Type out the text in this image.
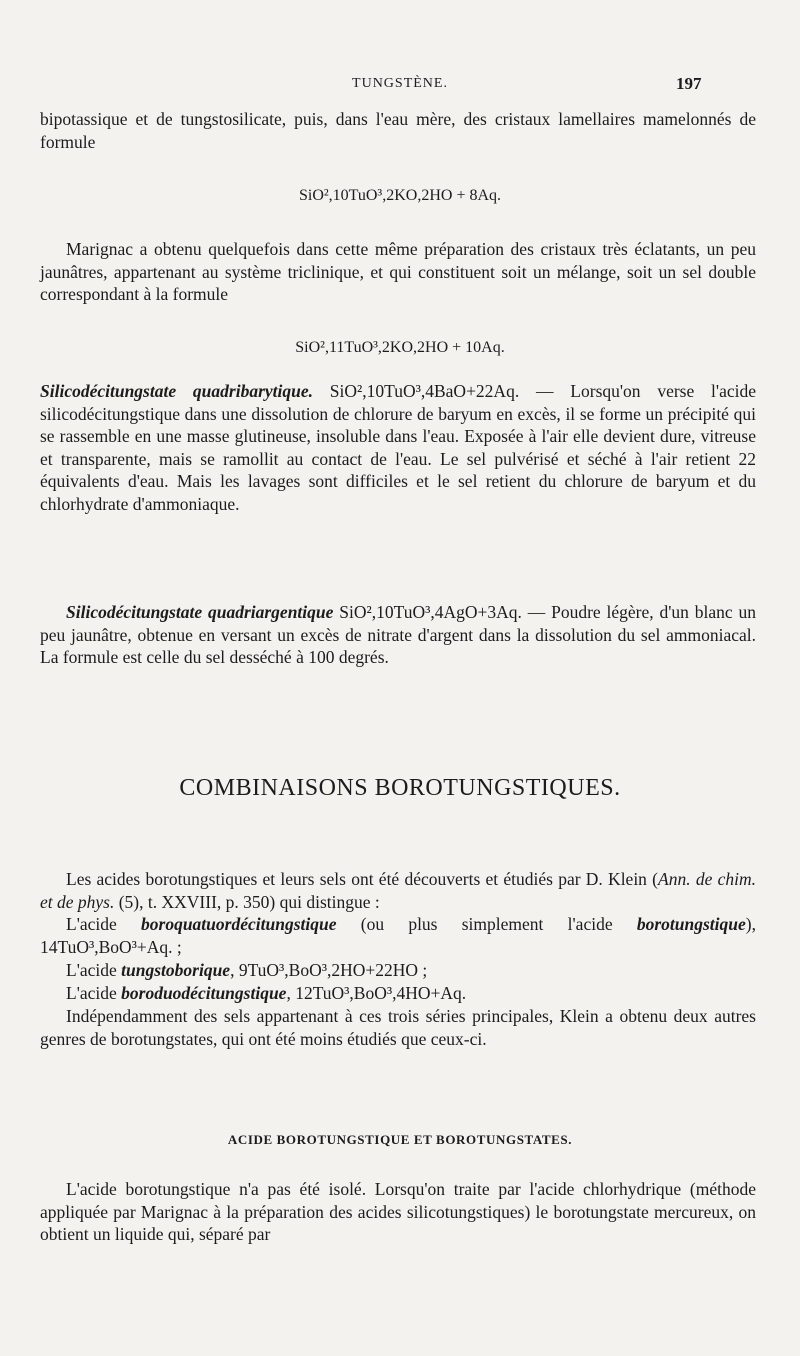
TUNGSTÈNE.	197
bipotassique et de tungstosilicate, puis, dans l'eau mère, des cristaux lamellaires mamelonnés de formule
SiO²,10TuO³,2KO,2HO + 8Aq.
Marignac a obtenu quelquefois dans cette même préparation des cristaux très éclatants, un peu jaunâtres, appartenant au système triclinique, et qui constituent soit un mélange, soit un sel double correspondant à la formule
SiO²,11TuO³,2KO,2HO + 10Aq.
Silicodécitungstate quadribarytique. SiO²,10TuO³,4BaO+22Aq. — Lorsqu'on verse l'acide silicodécitungstique dans une dissolution de chlorure de baryum en excès, il se forme un précipité qui se rassemble en une masse glutineuse, insoluble dans l'eau. Exposée à l'air elle devient dure, vitreuse et transparente, mais se ramollit au contact de l'eau. Le sel pulvérisé et séché à l'air retient 22 équivalents d'eau. Mais les lavages sont difficiles et le sel retient du chlorure de baryum et du chlorhydrate d'ammoniaque.
Silicodécitungstate quadriargentique SiO²,10TuO³,4AgO+3Aq. — Poudre légère, d'un blanc un peu jaunâtre, obtenue en versant un excès de nitrate d'argent dans la dissolution du sel ammoniacal. La formule est celle du sel desséché à 100 degrés.
COMBINAISONS BOROTUNGSTIQUES.
Les acides borotungstiques et leurs sels ont été découverts et étudiés par D. Klein (Ann. de chim. et de phys. (5), t. XXVIII, p. 350) qui distingue :
L'acide boroquatuordécitungstique (ou plus simplement l'acide borotungstique), 14TuO³,BoO³+Aq. ;
L'acide tungstoborique, 9TuO³,BoO³,2HO+22HO ;
L'acide boroduodécitungstique, 12TuO³,BoO³,4HO+Aq.
Indépendamment des sels appartenant à ces trois séries principales, Klein a obtenu deux autres genres de borotungstates, qui ont été moins étudiés que ceux-ci.
ACIDE BOROTUNGSTIQUE ET BOROTUNGSTATES.
L'acide borotungstique n'a pas été isolé. Lorsqu'on traite par l'acide chlorhydrique (méthode appliquée par Marignac à la préparation des acides silicotungstiques) le borotungstate mercureux, on obtient un liquide qui, séparé par
